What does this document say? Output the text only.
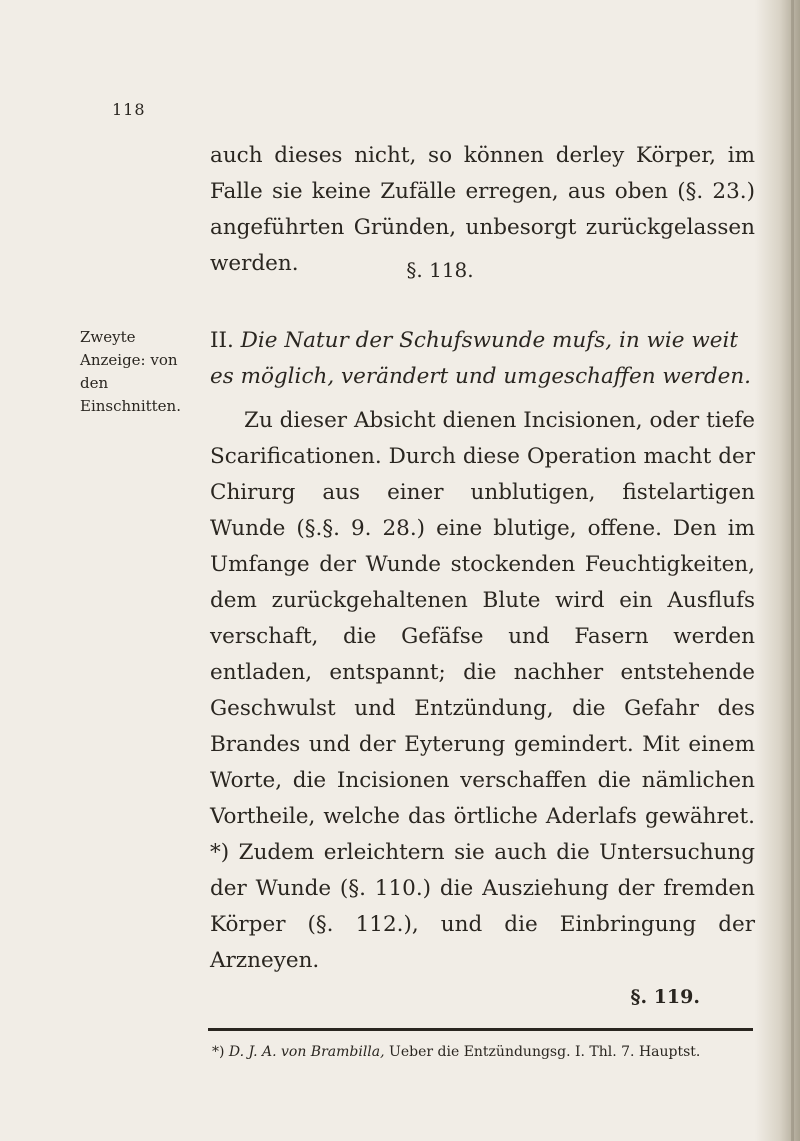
118
auch dieses nicht, so können derley Körper, im Falle sie keine Zufälle erregen, aus oben (§. 23.) angeführten Gründen, unbesorgt zurückgelassen werden.	§. 118.
Zweyte Anzeige: von den Einschnitten.
II. Die Natur der Schufswunde mufs, in wie weit es möglich, verändert und umgeschaffen werden.
Zu dieser Absicht dienen Incisionen, oder tiefe Scarificationen. Durch diese Operation macht der Chirurg aus einer unblutigen, fistelartigen Wunde (§.§. 9. 28.) eine blutige, offene. Den im Umfange der Wunde stockenden Feuchtigkeiten, dem zurückgehaltenen Blute wird ein Ausflufs verschaft, die Gefäfse und Fasern werden entladen, entspannt; die nachher entstehende Geschwulst und Entzündung, die Gefahr des Brandes und der Eyterung gemindert. Mit einem Worte, die Incisionen verschaffen die nämlichen Vortheile, welche das örtliche Aderlafs gewähret. *) Zudem erleichtern sie auch die Untersuchung der Wunde (§. 110.) die Ausziehung der fremden Körper (§. 112.), und die Einbringung der Arzneyen.
§. 119.
*) D. J. A. von Brambilla, Ueber die Entzündungsg. I. Thl. 7. Hauptst.
